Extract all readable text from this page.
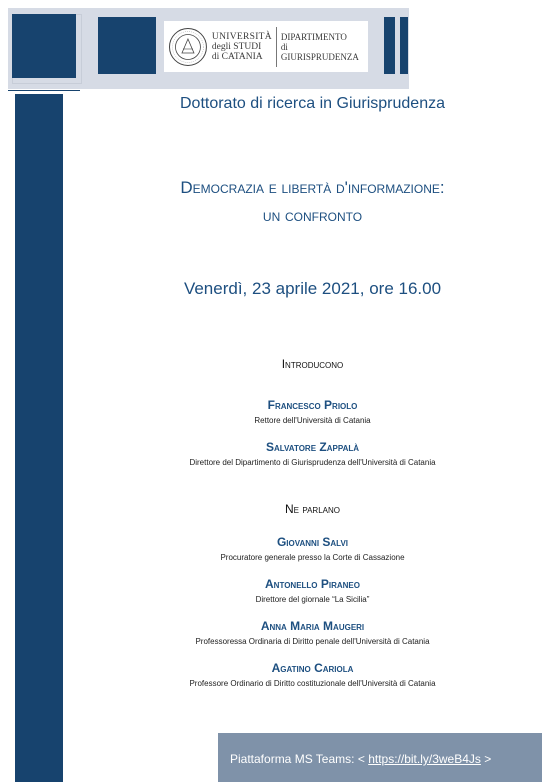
UNIVERSITÀ
degli STUDI
di CATANIA
DIPARTIMENTO
di GIURISPRUDENZA
Dottorato di ricerca in Giurisprudenza
Democrazia e libertà d'informazione:
un confronto
Venerdì, 23 aprile 2021, ore 16.00
Introducono
Francesco Priolo
Rettore dell'Università di Catania
Salvatore Zappalà
Direttore del Dipartimento di Giurisprudenza dell'Università di Catania
Ne parlano
Giovanni Salvi
Procuratore generale presso la Corte di Cassazione
Antonello Piraneo
Direttore del giornale “La Sicilia”
Anna Maria Maugeri
Professoressa Ordinaria di Diritto penale dell'Università di Catania
Agatino Cariola
Professore Ordinario di Diritto costituzionale dell'Università di Catania
Piattaforma MS Teams: < https://bit.ly/3weB4Js >
